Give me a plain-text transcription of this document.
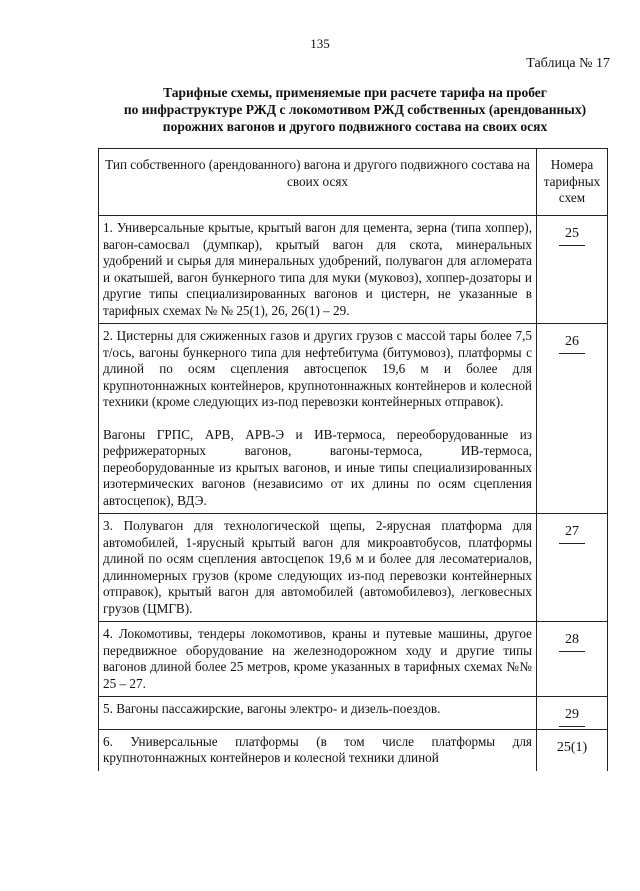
135
Таблица № 17
Тарифные схемы, применяемые при расчете тарифа на пробег
по инфраструктуре РЖД с локомотивом РЖД собственных (арендованных)
порожних вагонов и другого подвижного состава на своих осях
Тип собственного (арендованного) вагона и другого подвижного состава на своих осях	Номера тарифных схем

1. Универсальные крытые, крытый вагон для цемента, зерна (типа хоппер), вагон-самосвал (думпкар), крытый вагон для скота, минеральных удобрений и сырья для минеральных удобрений, полувагон для агломерата и окатышей, вагон бункерного типа для муки (муковоз), хоппер-дозаторы и другие типы специализированных вагонов и цистерн, не указанные в тарифных схемах № № 25(1), 26, 26(1) – 29.	25

2. Цистерны для сжиженных газов и других грузов с массой тары более 7,5 т/ось, вагоны бункерного типа для нефтебитума (битумовоз), платформы с длиной по осям сцепления автосцепок 19,6 м и более для крупнотоннажных контейнеров, крупнотоннажных контейнеров и колесной техники (кроме следующих из-под перевозки контейнерных отправок).

Вагоны ГРПС, АРВ, АРВ-Э и ИВ-термоса, переоборудованные из рефрижераторных вагонов, вагоны-термоса, ИВ-термоса, переоборудованные из крытых вагонов, и иные типы специализированных изотермических вагонов (независимо от их длины по осям сцепления автосцепок), ВДЭ.	26

3. Полувагон для технологической щепы, 2-ярусная платформа для автомобилей, 1-ярусный крытый вагон для микроавтобусов, платформы длиной по осям сцепления автосцепок 19,6 м и более для лесоматериалов, длинномерных грузов (кроме следующих из-под перевозки контейнерных отправок), крытый вагон для автомобилей (автомобилевоз), легковесных грузов (ЦМГВ).	27

4. Локомотивы, тендеры локомотивов, краны и путевые машины, другое передвижное оборудование на железнодорожном ходу и другие типы вагонов длиной более 25 метров, кроме указанных в тарифных схемах №№ 25 – 27.	28

5. Вагоны пассажирские, вагоны электро- и дизель-поездов.	29

6. Универсальные платформы (в том числе платформы для крупнотоннажных контейнеров и колесной техники длиной	25(1)
